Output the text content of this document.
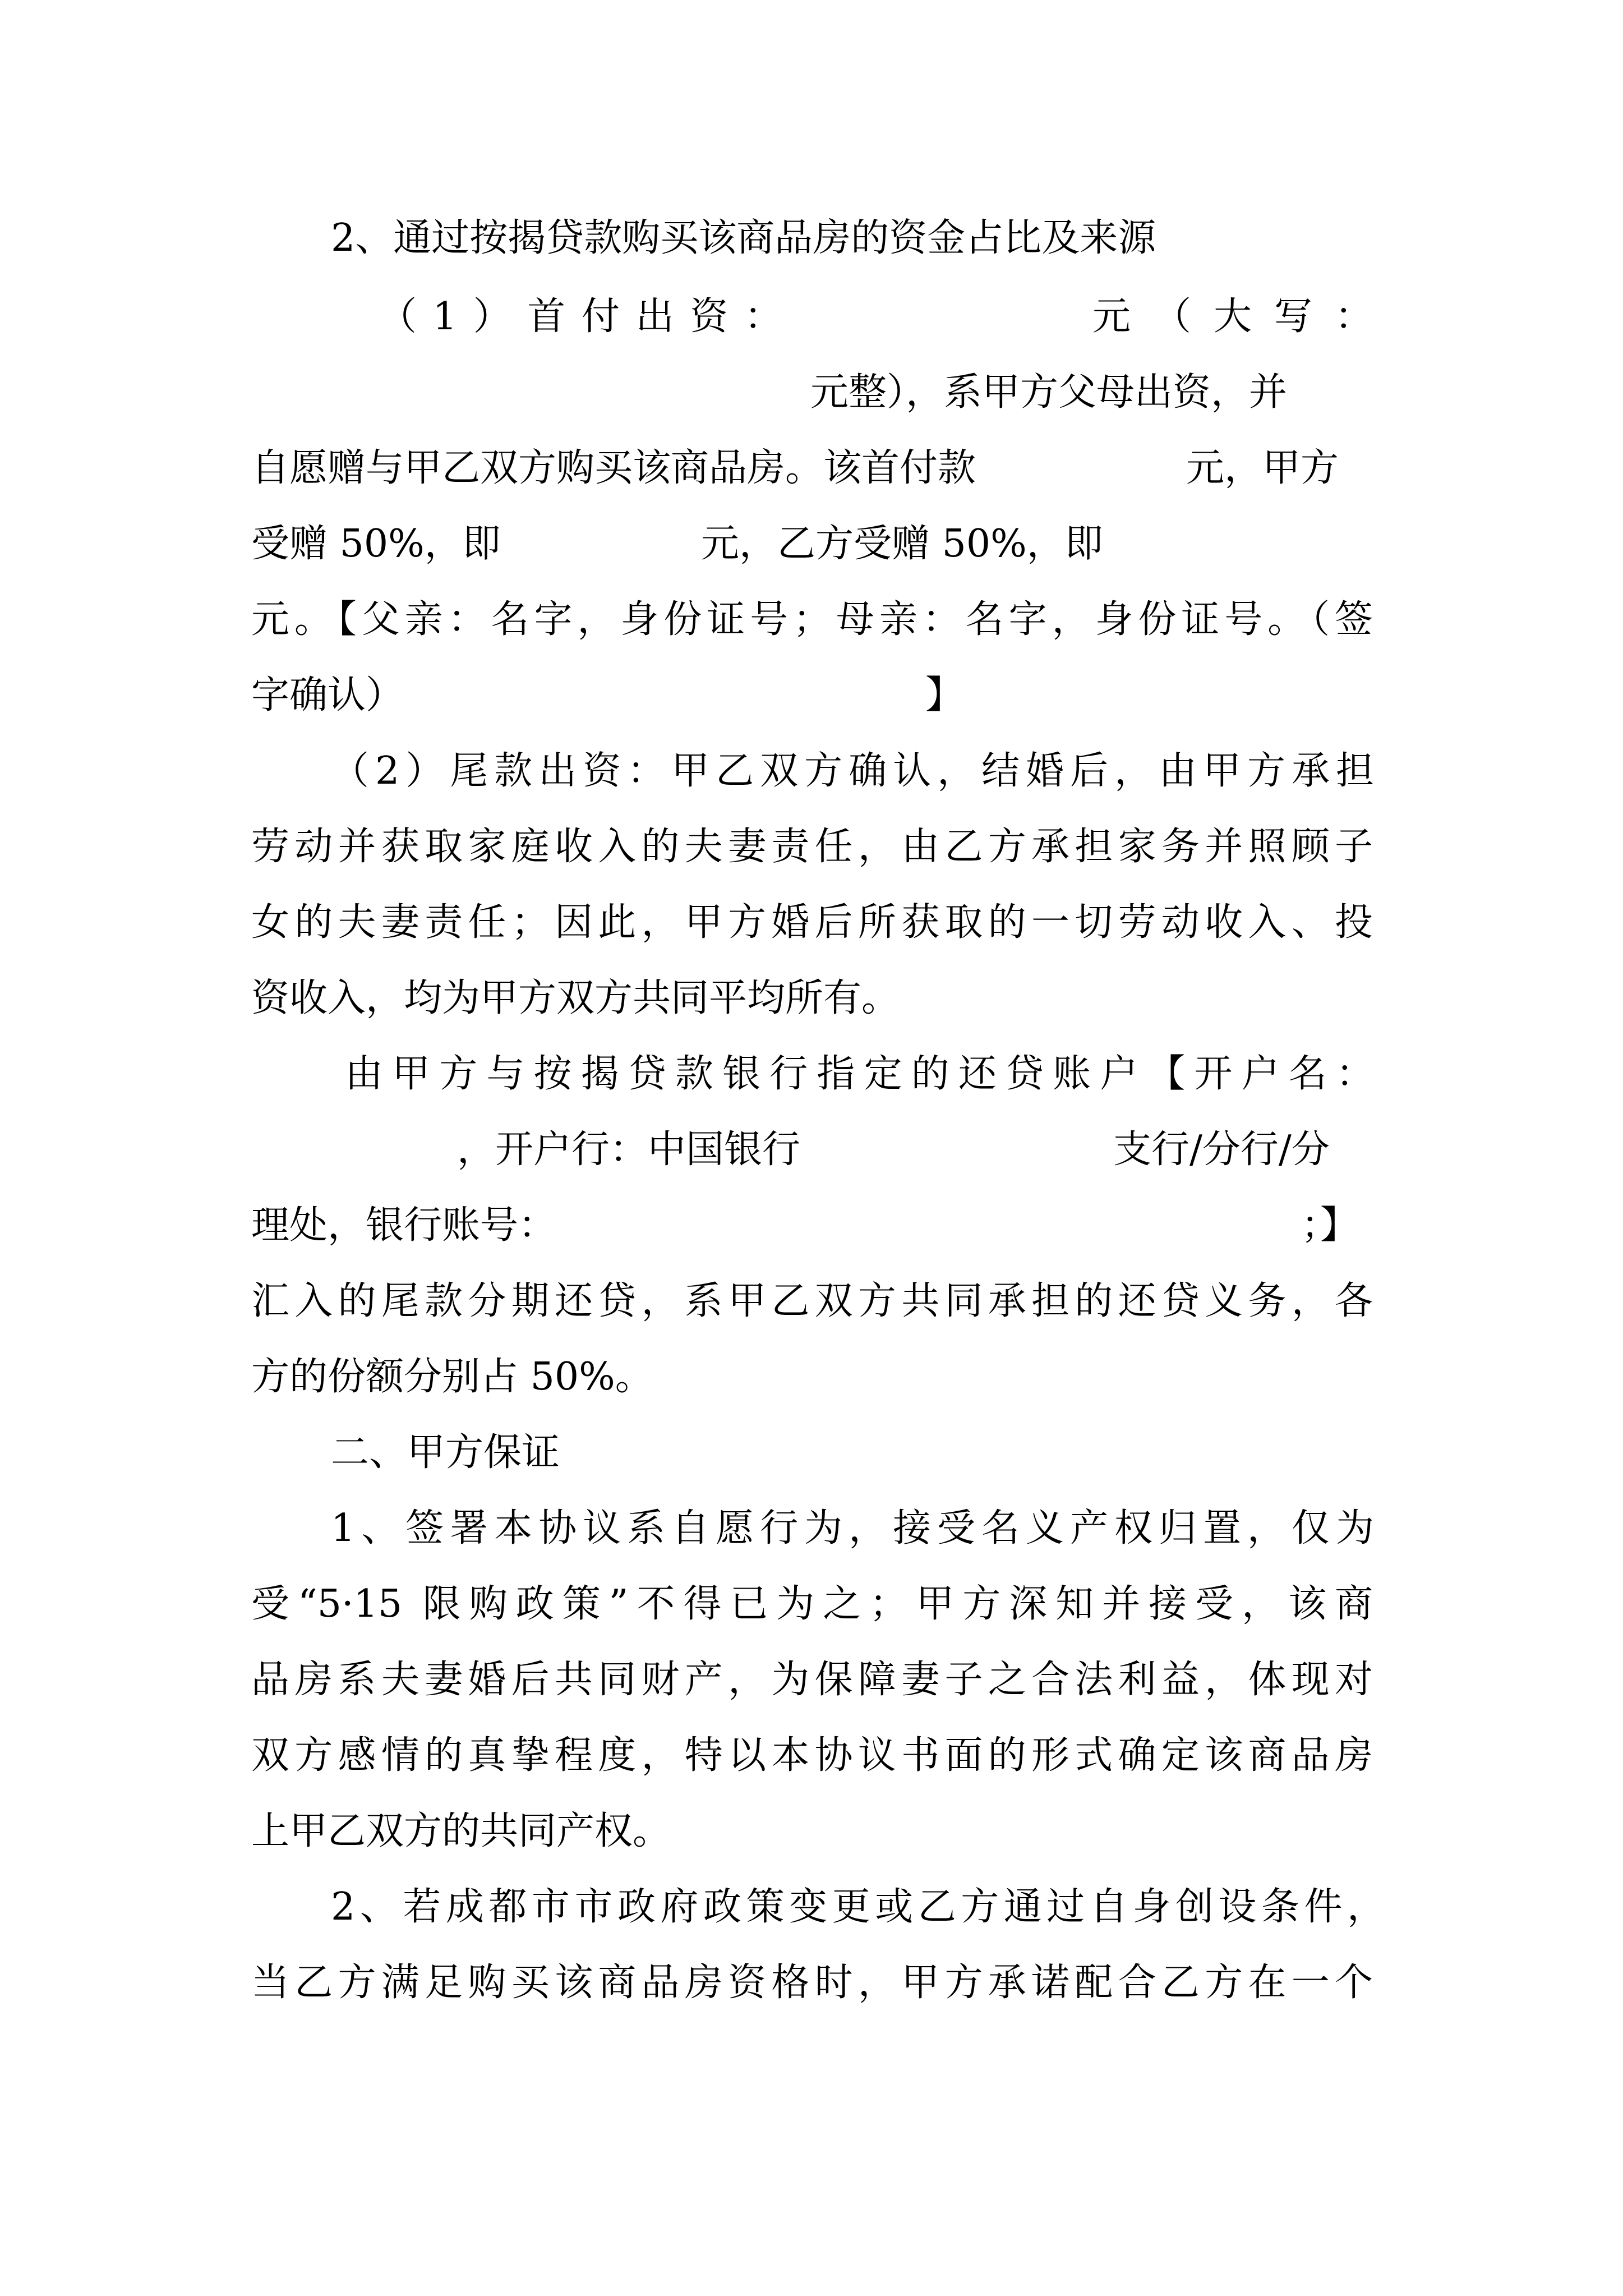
2、通过按揭贷款购买该商品房的资金占比及来源
（1）首付出资：	元（大写：
元整），系甲方父母出资，并
自愿赠与甲乙双方购买该商品房。该首付款	元，甲方
受赠 50%，即	元，乙方受赠 50%，即
元。【父亲：名字，身份证号；母亲：名字，身份证号。（签
字确认）	】
（2）尾款出资：甲乙双方确认，结婚后，由甲方承担
劳动并获取家庭收入的夫妻责任，由乙方承担家务并照顾子
女的夫妻责任；因此，甲方婚后所获取的一切劳动收入、投
资收入，均为甲方双方共同平均所有。
由甲方与按揭贷款银行指定的还贷账户【开户名：
，开户行：中国银行	支行/分行/分
理处，银行账号：	；】
汇入的尾款分期还贷，系甲乙双方共同承担的还贷义务，各
方的份额分别占 50%。
二、甲方保证
1、签署本协议系自愿行为，接受名义产权归置，仅为
受“5·15 限购政策”不得已为之；甲方深知并接受，该商
品房系夫妻婚后共同财产，为保障妻子之合法利益，体现对
双方感情的真挚程度，特以本协议书面的形式确定该商品房
上甲乙双方的共同产权。
2、若成都市市政府政策变更或乙方通过自身创设条件，
当乙方满足购买该商品房资格时，甲方承诺配合乙方在一个
